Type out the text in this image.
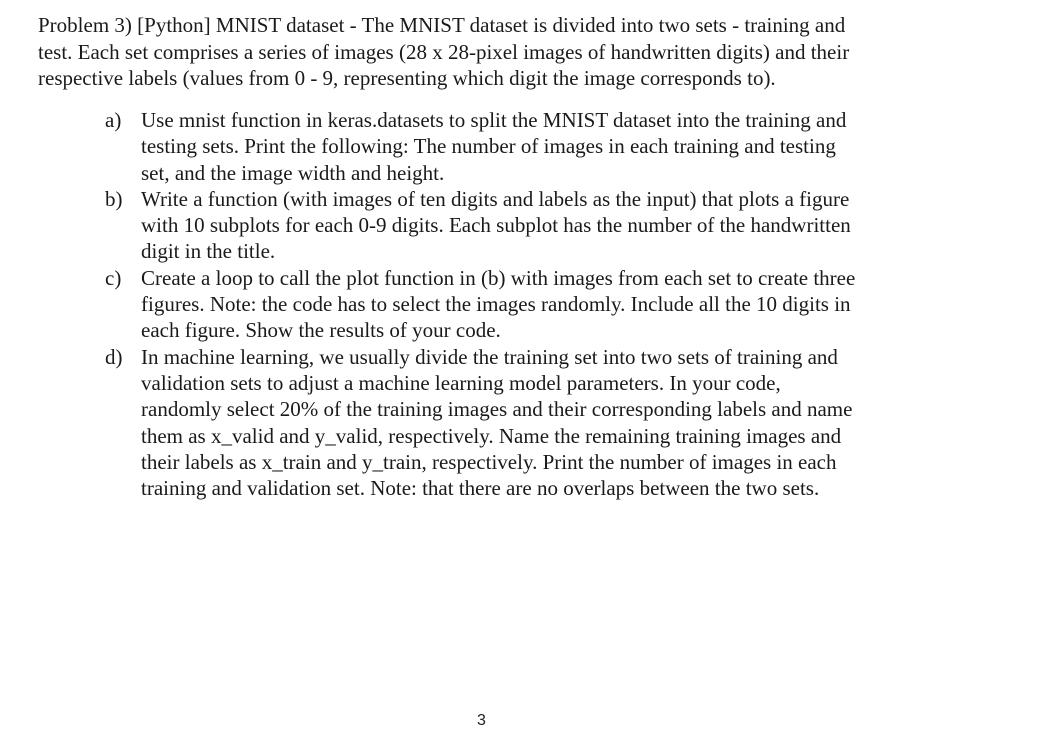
Problem 3) [Python] MNIST dataset - The MNIST dataset is divided into two sets - training and
test. Each set comprises a series of images (28 x 28-pixel images of handwritten digits) and their
respective labels (values from 0 - 9, representing which digit the image corresponds to).

a) Use mnist function in keras.datasets to split the MNIST dataset into the training and
testing sets. Print the following: The number of images in each training and testing
set, and the image width and height.
b) Write a function (with images of ten digits and labels as the input) that plots a figure
with 10 subplots for each 0-9 digits. Each subplot has the number of the handwritten
digit in the title.
c) Create a loop to call the plot function in (b) with images from each set to create three
figures. Note: the code has to select the images randomly. Include all the 10 digits in
each figure. Show the results of your code.
d) In machine learning, we usually divide the training set into two sets of training and
validation sets to adjust a machine learning model parameters. In your code,
randomly select 20% of the training images and their corresponding labels and name
them as x_valid and y_valid, respectively. Name the remaining training images and
their labels as x_train and y_train, respectively. Print the number of images in each
training and validation set. Note: that there are no overlaps between the two sets.
3
